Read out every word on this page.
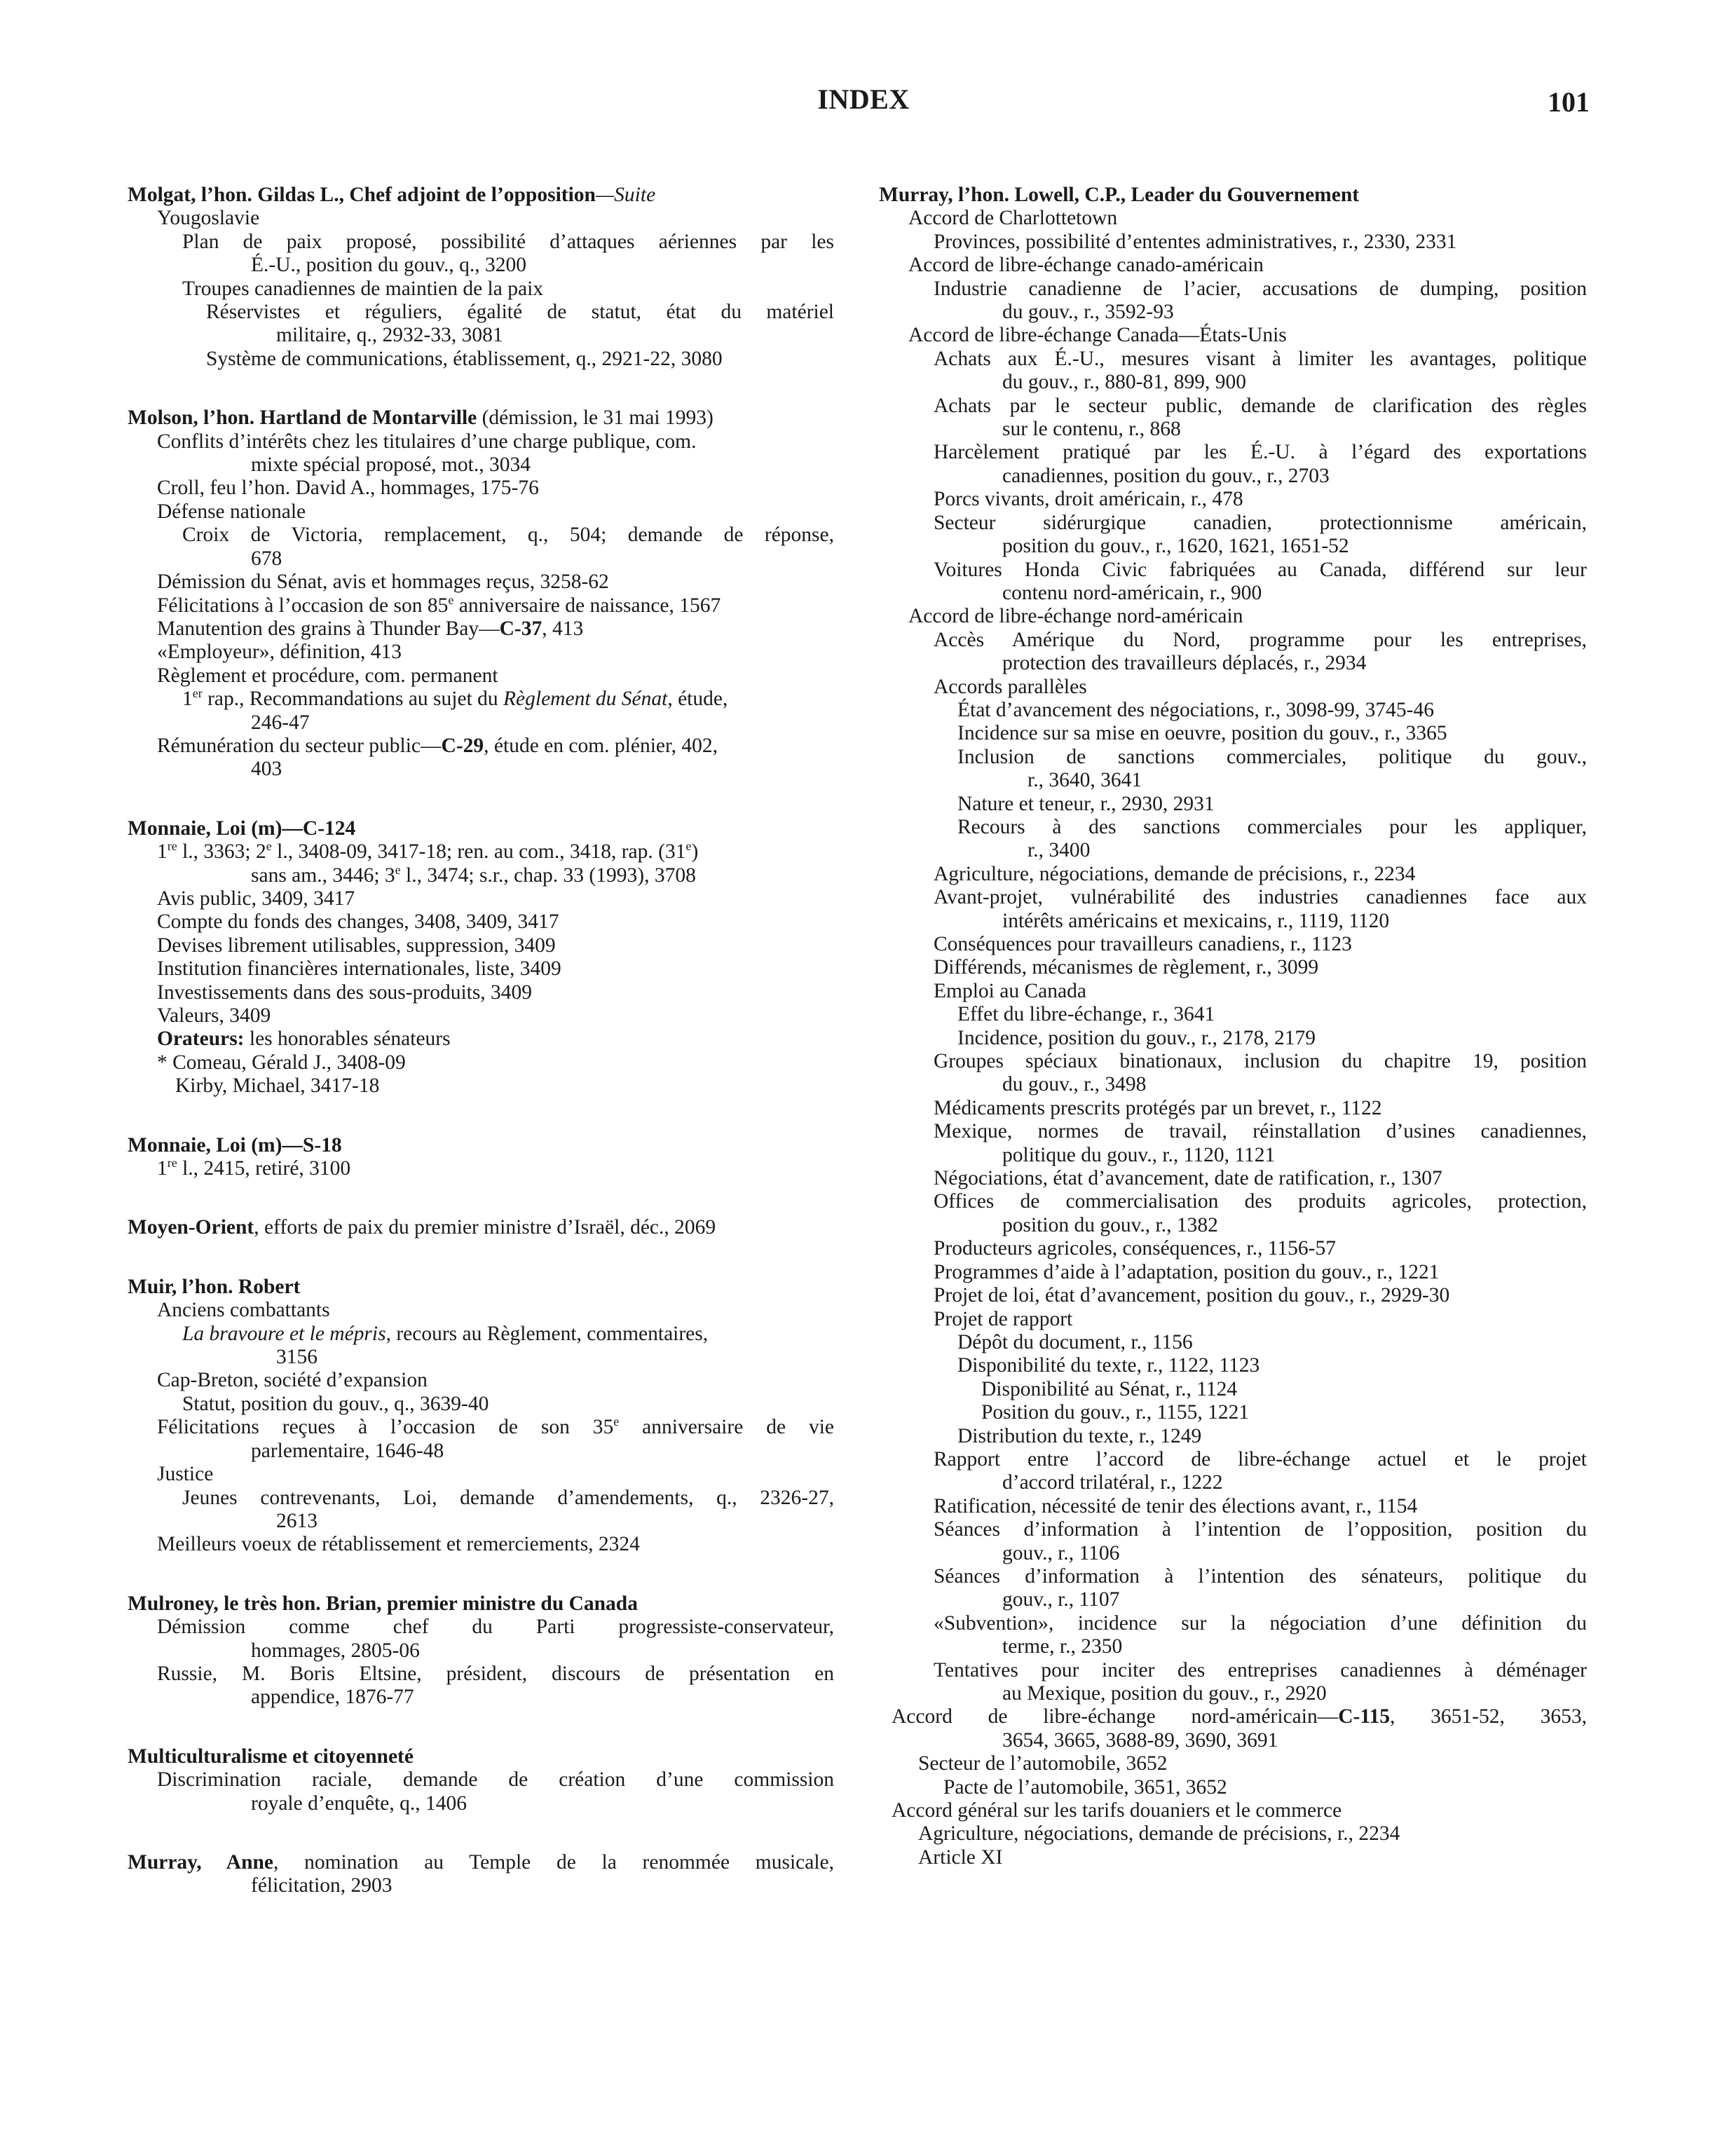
INDEX	101
Molgat, l’hon. Gildas L., Chef adjoint de l’opposition—Suite
Yougoslavie
Plan de paix proposé, possibilité d’attaques aériennes par les
É.-U., position du gouv., q., 3200
Troupes canadiennes de maintien de la paix
Réservistes et réguliers, égalité de statut, état du matériel
militaire, q., 2932-33, 3081
Système de communications, établissement, q., 2921-22, 3080
Molson, l’hon. Hartland de Montarville (démission, le 31 mai 1993)
Conflits d’intérêts chez les titulaires d’une charge publique, com.
mixte spécial proposé, mot., 3034
Croll, feu l’hon. David A., hommages, 175-76
Défense nationale
Croix de Victoria, remplacement, q., 504; demande de réponse,
678
Démission du Sénat, avis et hommages reçus, 3258-62
Félicitations à l’occasion de son 85e anniversaire de naissance, 1567
Manutention des grains à Thunder Bay—C-37, 413
«Employeur», définition, 413
Règlement et procédure, com. permanent
1er rap., Recommandations au sujet du Règlement du Sénat, étude,
246-47
Rémunération du secteur public—C-29, étude en com. plénier, 402,
403
Monnaie, Loi (m)—C-124
1re l., 3363; 2e l., 3408-09, 3417-18; ren. au com., 3418, rap. (31e)
sans am., 3446; 3e l., 3474; s.r., chap. 33 (1993), 3708
Avis public, 3409, 3417
Compte du fonds des changes, 3408, 3409, 3417
Devises librement utilisables, suppression, 3409
Institution financières internationales, liste, 3409
Investissements dans des sous-produits, 3409
Valeurs, 3409
Orateurs: les honorables sénateurs
* Comeau, Gérald J., 3408-09
Kirby, Michael, 3417-18
Monnaie, Loi (m)—S-18
1re l., 2415, retiré, 3100
Moyen-Orient, efforts de paix du premier ministre d’Israël, déc., 2069
Muir, l’hon. Robert
Anciens combattants
La bravoure et le mépris, recours au Règlement, commentaires,
3156
Cap-Breton, société d’expansion
Statut, position du gouv., q., 3639-40
Félicitations reçues à l’occasion de son 35e anniversaire de vie
parlementaire, 1646-48
Justice
Jeunes contrevenants, Loi, demande d’amendements, q., 2326-27,
2613
Meilleurs voeux de rétablissement et remerciements, 2324
Mulroney, le très hon. Brian, premier ministre du Canada
Démission comme chef du Parti progressiste-conservateur,
hommages, 2805-06
Russie, M. Boris Eltsine, président, discours de présentation en
appendice, 1876-77
Multiculturalisme et citoyenneté
Discrimination raciale, demande de création d’une commission
royale d’enquête, q., 1406
Murray, Anne, nomination au Temple de la renommée musicale,
félicitation, 2903
Murray, l’hon. Lowell, C.P., Leader du Gouvernement
Accord de Charlottetown
Provinces, possibilité d’ententes administratives, r., 2330, 2331
Accord de libre-échange canado-américain
Industrie canadienne de l’acier, accusations de dumping, position
du gouv., r., 3592-93
Accord de libre-échange Canada—États-Unis
Achats aux É.-U., mesures visant à limiter les avantages, politique
du gouv., r., 880-81, 899, 900
Achats par le secteur public, demande de clarification des règles
sur le contenu, r., 868
Harcèlement pratiqué par les É.-U. à l’égard des exportations
canadiennes, position du gouv., r., 2703
Porcs vivants, droit américain, r., 478
Secteur sidérurgique canadien, protectionnisme américain,
position du gouv., r., 1620, 1621, 1651-52
Voitures Honda Civic fabriquées au Canada, différend sur leur
contenu nord-américain, r., 900
Accord de libre-échange nord-américain
Accès Amérique du Nord, programme pour les entreprises,
protection des travailleurs déplacés, r., 2934
Accords parallèles
État d’avancement des négociations, r., 3098-99, 3745-46
Incidence sur sa mise en oeuvre, position du gouv., r., 3365
Inclusion de sanctions commerciales, politique du gouv.,
r., 3640, 3641
Nature et teneur, r., 2930, 2931
Recours à des sanctions commerciales pour les appliquer,
r., 3400
Agriculture, négociations, demande de précisions, r., 2234
Avant-projet, vulnérabilité des industries canadiennes face aux
intérêts américains et mexicains, r., 1119, 1120
Conséquences pour travailleurs canadiens, r., 1123
Différends, mécanismes de règlement, r., 3099
Emploi au Canada
Effet du libre-échange, r., 3641
Incidence, position du gouv., r., 2178, 2179
Groupes spéciaux binationaux, inclusion du chapitre 19, position
du gouv., r., 3498
Médicaments prescrits protégés par un brevet, r., 1122
Mexique, normes de travail, réinstallation d’usines canadiennes,
politique du gouv., r., 1120, 1121
Négociations, état d’avancement, date de ratification, r., 1307
Offices de commercialisation des produits agricoles, protection,
position du gouv., r., 1382
Producteurs agricoles, conséquences, r., 1156-57
Programmes d’aide à l’adaptation, position du gouv., r., 1221
Projet de loi, état d’avancement, position du gouv., r., 2929-30
Projet de rapport
Dépôt du document, r., 1156
Disponibilité du texte, r., 1122, 1123
Disponibilité au Sénat, r., 1124
Position du gouv., r., 1155, 1221
Distribution du texte, r., 1249
Rapport entre l’accord de libre-échange actuel et le projet
d’accord trilatéral, r., 1222
Ratification, nécessité de tenir des élections avant, r., 1154
Séances d’information à l’intention de l’opposition, position du
gouv., r., 1106
Séances d’information à l’intention des sénateurs, politique du
gouv., r., 1107
«Subvention», incidence sur la négociation d’une définition du
terme, r., 2350
Tentatives pour inciter des entreprises canadiennes à déménager
au Mexique, position du gouv., r., 2920
Accord de libre-échange nord-américain—C-115, 3651-52, 3653,
3654, 3665, 3688-89, 3690, 3691
Secteur de l’automobile, 3652
Pacte de l’automobile, 3651, 3652
Accord général sur les tarifs douaniers et le commerce
Agriculture, négociations, demande de précisions, r., 2234
Article XI
